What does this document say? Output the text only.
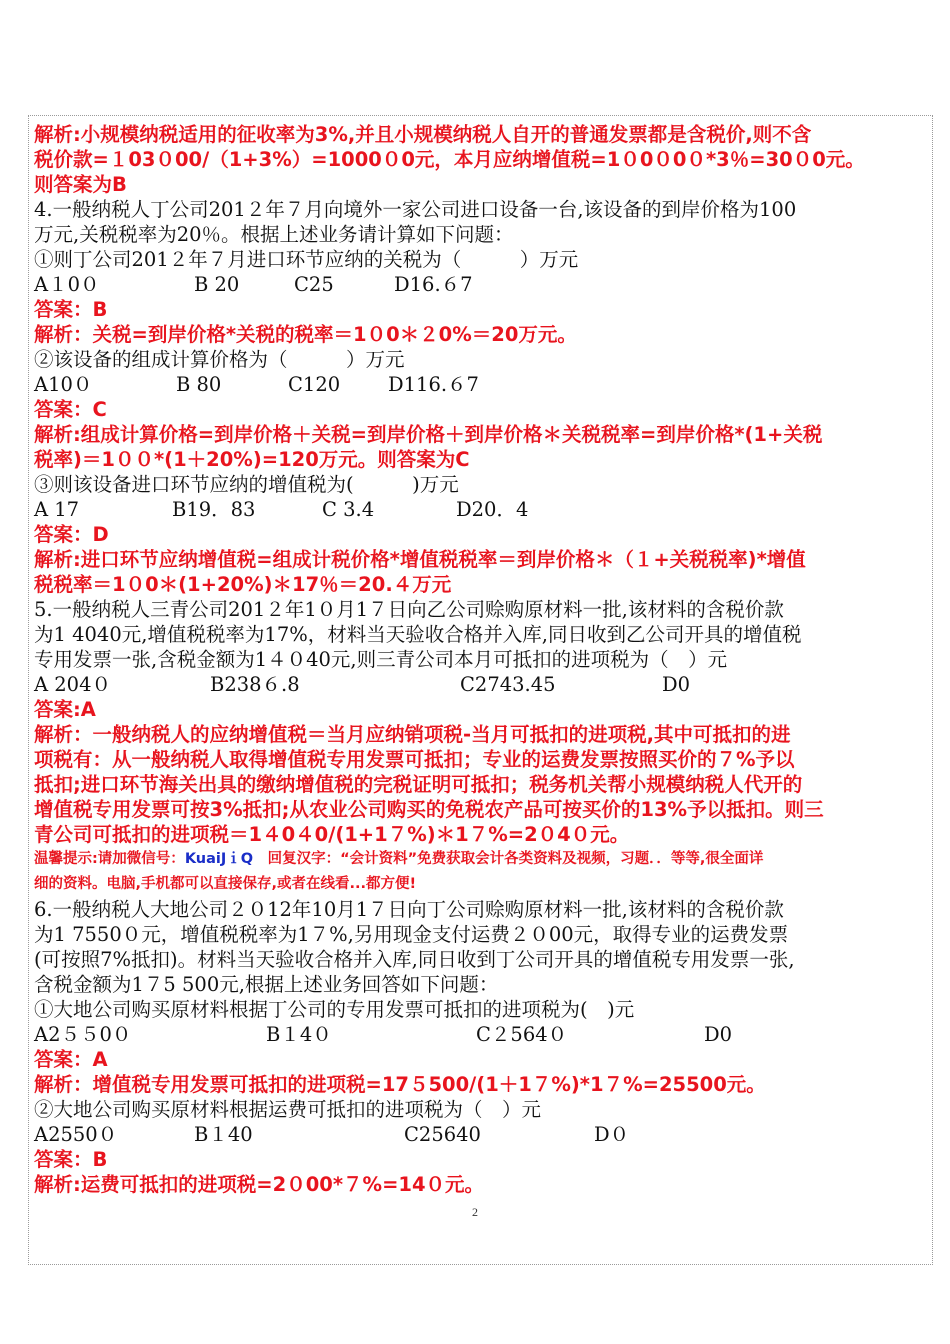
解析:小规模纳税适用的征收率为3%,并且小规模纳税人自开的普通发票都是含税价,则不含
税价款=１03０00/（1+3%）=1000０0元，本月应纳增值税=1０0０0０*3％=30０0元。
则答案为B
4.一般纳税人丁公司201２年７月向境外一家公司进口设备一台,该设备的到岸价格为100
万元,关税税率为20％。根据上述业务请计算如下问题：
①则丁公司201２年７月进口环节应纳的关税为（　　　）万元
A１0０	B 20	C25	D16.６7
答案：B
解析：关税=到岸价格*关税的税率＝1０0＊２0%＝20万元。
②该设备的组成计算价格为（　　　）万元
A10０	B 80	C120	D116.６7
答案：C
解析:组成计算价格=到岸价格＋关税=到岸价格＋到岸价格＊关税税率=到岸价格*(1+关税
税率)＝1００*(1＋20%)=120万元。则答案为C
③则该设备进口环节应纳的增值税为(　　　)万元
A 17	B19．83	C 3.4	D20．4
答案：D
解析:进口环节应纳增值税=组成计税价格*增值税税率＝到岸价格＊（１+关税税率)*增值
税税率＝1０0＊(1+20%)＊17％＝20.４万元
5.一般纳税人三青公司201２年1０月1７日向乙公司赊购原材料一批,该材料的含税价款
为1 4040元,增值税税率为17%，材料当天验收合格并入库,同日收到乙公司开具的增值税
专用发票一张,含税金额为1４０40元,则三青公司本月可抵扣的进项税为（　）元
A 204０	B238６.8	C2743.45	D0
答案:A
解析：一般纳税人的应纳增值税＝当月应纳销项税-当月可抵扣的进项税,其中可抵扣的进
项税有：从一般纳税人取得增值税专用发票可抵扣；专业的运费发票按照买价的７%予以
抵扣;进口环节海关出具的缴纳增值税的完税证明可抵扣；税务机关帮小规模纳税人代开的
增值税专用发票可按3%抵扣;从农业公司购买的免税农产品可按买价的13%予以抵扣。则三
青公司可抵扣的进项税＝1４0４0/(1+1７%)＊1７%=2０4０元。
温馨提示:请加微信号：KuaiJｉQ　回复汉字：“会计资料”免费获取会计各类资料及视频，习题．．等等,很全面详
细的资料。电脑,手机都可以直接保存,或者在线看...都方便!
6.一般纳税人大地公司２０12年10月1７日向丁公司赊购原材料一批,该材料的含税价款
为1 7550０元，增值税税率为1７%,另用现金支付运费２０00元，取得专业的运费发票
(可按照7%抵扣)。材料当天验收合格并入库,同日收到丁公司开具的增值税专用发票一张,
含税金额为1７5 500元,根据上述业务回答如下问题：
①大地公司购买原材料根据丁公司的专用发票可抵扣的进项税为(　)元
A2５５0０	B１4０	C２564０	D0
答案：A
解析：增值税专用发票可抵扣的进项税=17５500/(1＋1７%)*1７%=25500元。
②大地公司购买原材料根据运费可抵扣的进项税为（　）元
A2550０	B１40	C25640	D０
答案：B
解析:运费可抵扣的进项税=2０00*７%=14０元。
2
